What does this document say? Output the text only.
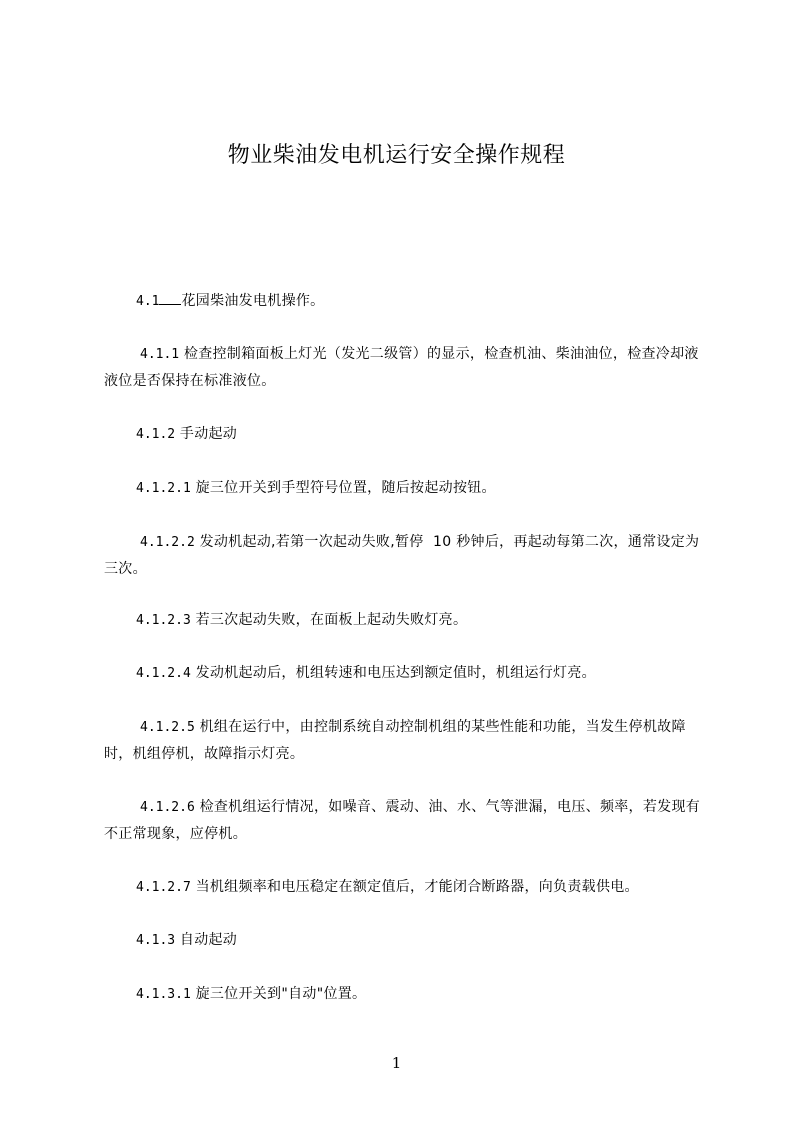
物业柴油发电机运行安全操作规程

4.1 花园柴油发电机操作。

4.1.1 检查控制箱面板上灯光（发光二级管）的显示，检查机油、柴油油位，检查冷却液液位是否保持在标准液位。

4.1.2 手动起动

4.1.2.1 旋三位开关到手型符号位置，随后按起动按钮。

4.1.2.2 发动机起动,若第一次起动失败,暂停  10 秒钟后，再起动每第二次，通常设定为三次。

4.1.2.3 若三次起动失败，在面板上起动失败灯亮。

4.1.2.4 发动机起动后，机组转速和电压达到额定值时，机组运行灯亮。

4.1.2.5 机组在运行中，由控制系统自动控制机组的某些性能和功能，当发生停机故障时，机组停机，故障指示灯亮。

4.1.2.6 检查机组运行情况，如噪音、震动、油、水、气等泄漏，电压、频率，若发现有不正常现象，应停机。

4.1.2.7 当机组频率和电压稳定在额定值后，才能闭合断路器，向负责载供电。

4.1.3 自动起动

4.1.3.1 旋三位开关到"自动"位置。

1
